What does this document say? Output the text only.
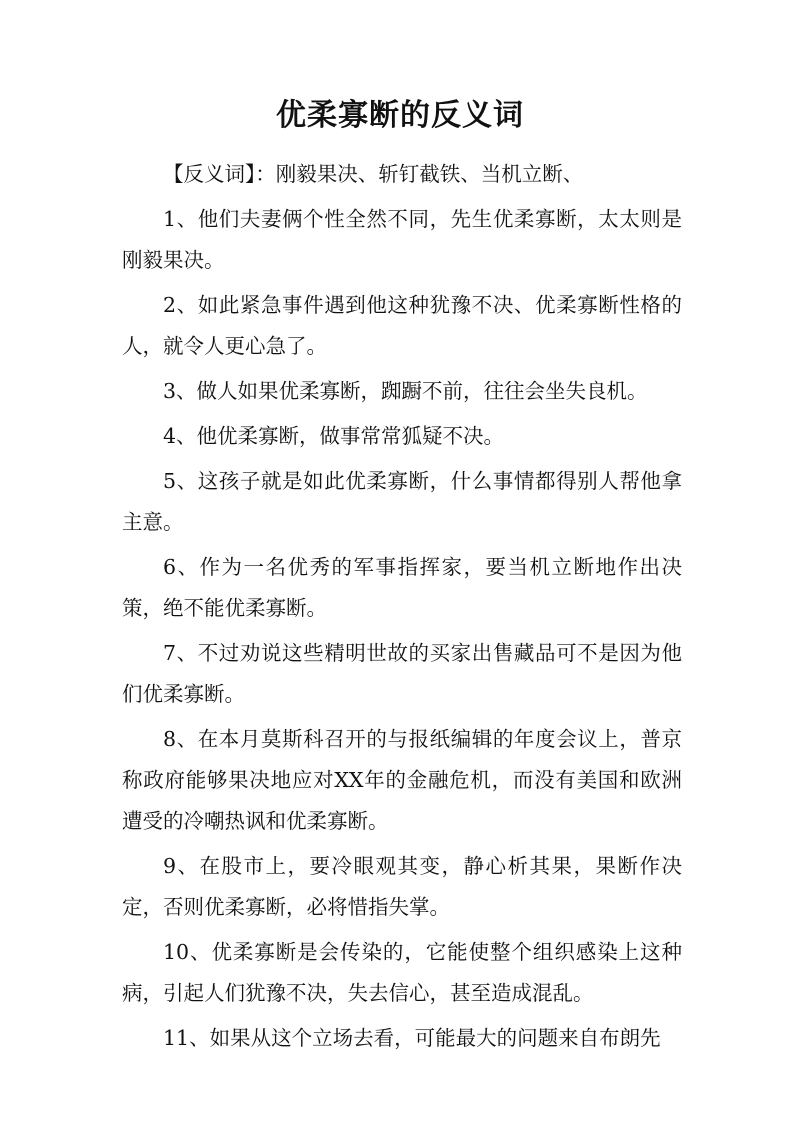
优柔寡断的反义词

【反义词】：刚毅果决、斩钉截铁、当机立断、

1、他们夫妻俩个性全然不同，先生优柔寡断，太太则是刚毅果决。

2、如此紧急事件遇到他这种犹豫不决、优柔寡断性格的人，就令人更心急了。

3、做人如果优柔寡断，踟蹰不前，往往会坐失良机。

4、他优柔寡断，做事常常狐疑不决。

5、这孩子就是如此优柔寡断，什么事情都得别人帮他拿主意。

6、作为一名优秀的军事指挥家，要当机立断地作出决策，绝不能优柔寡断。

7、不过劝说这些精明世故的买家出售藏品可不是因为他们优柔寡断。

8、在本月莫斯科召开的与报纸编辑的年度会议上，普京称政府能够果决地应对XX年的金融危机，而没有美国和欧洲遭受的冷嘲热讽和优柔寡断。

9、在股市上，要冷眼观其变，静心析其果，果断作决定，否则优柔寡断，必将惜指失掌。

10、优柔寡断是会传染的，它能使整个组织感染上这种病，引起人们犹豫不决，失去信心，甚至造成混乱。

11、如果从这个立场去看，可能最大的问题来自布朗先
